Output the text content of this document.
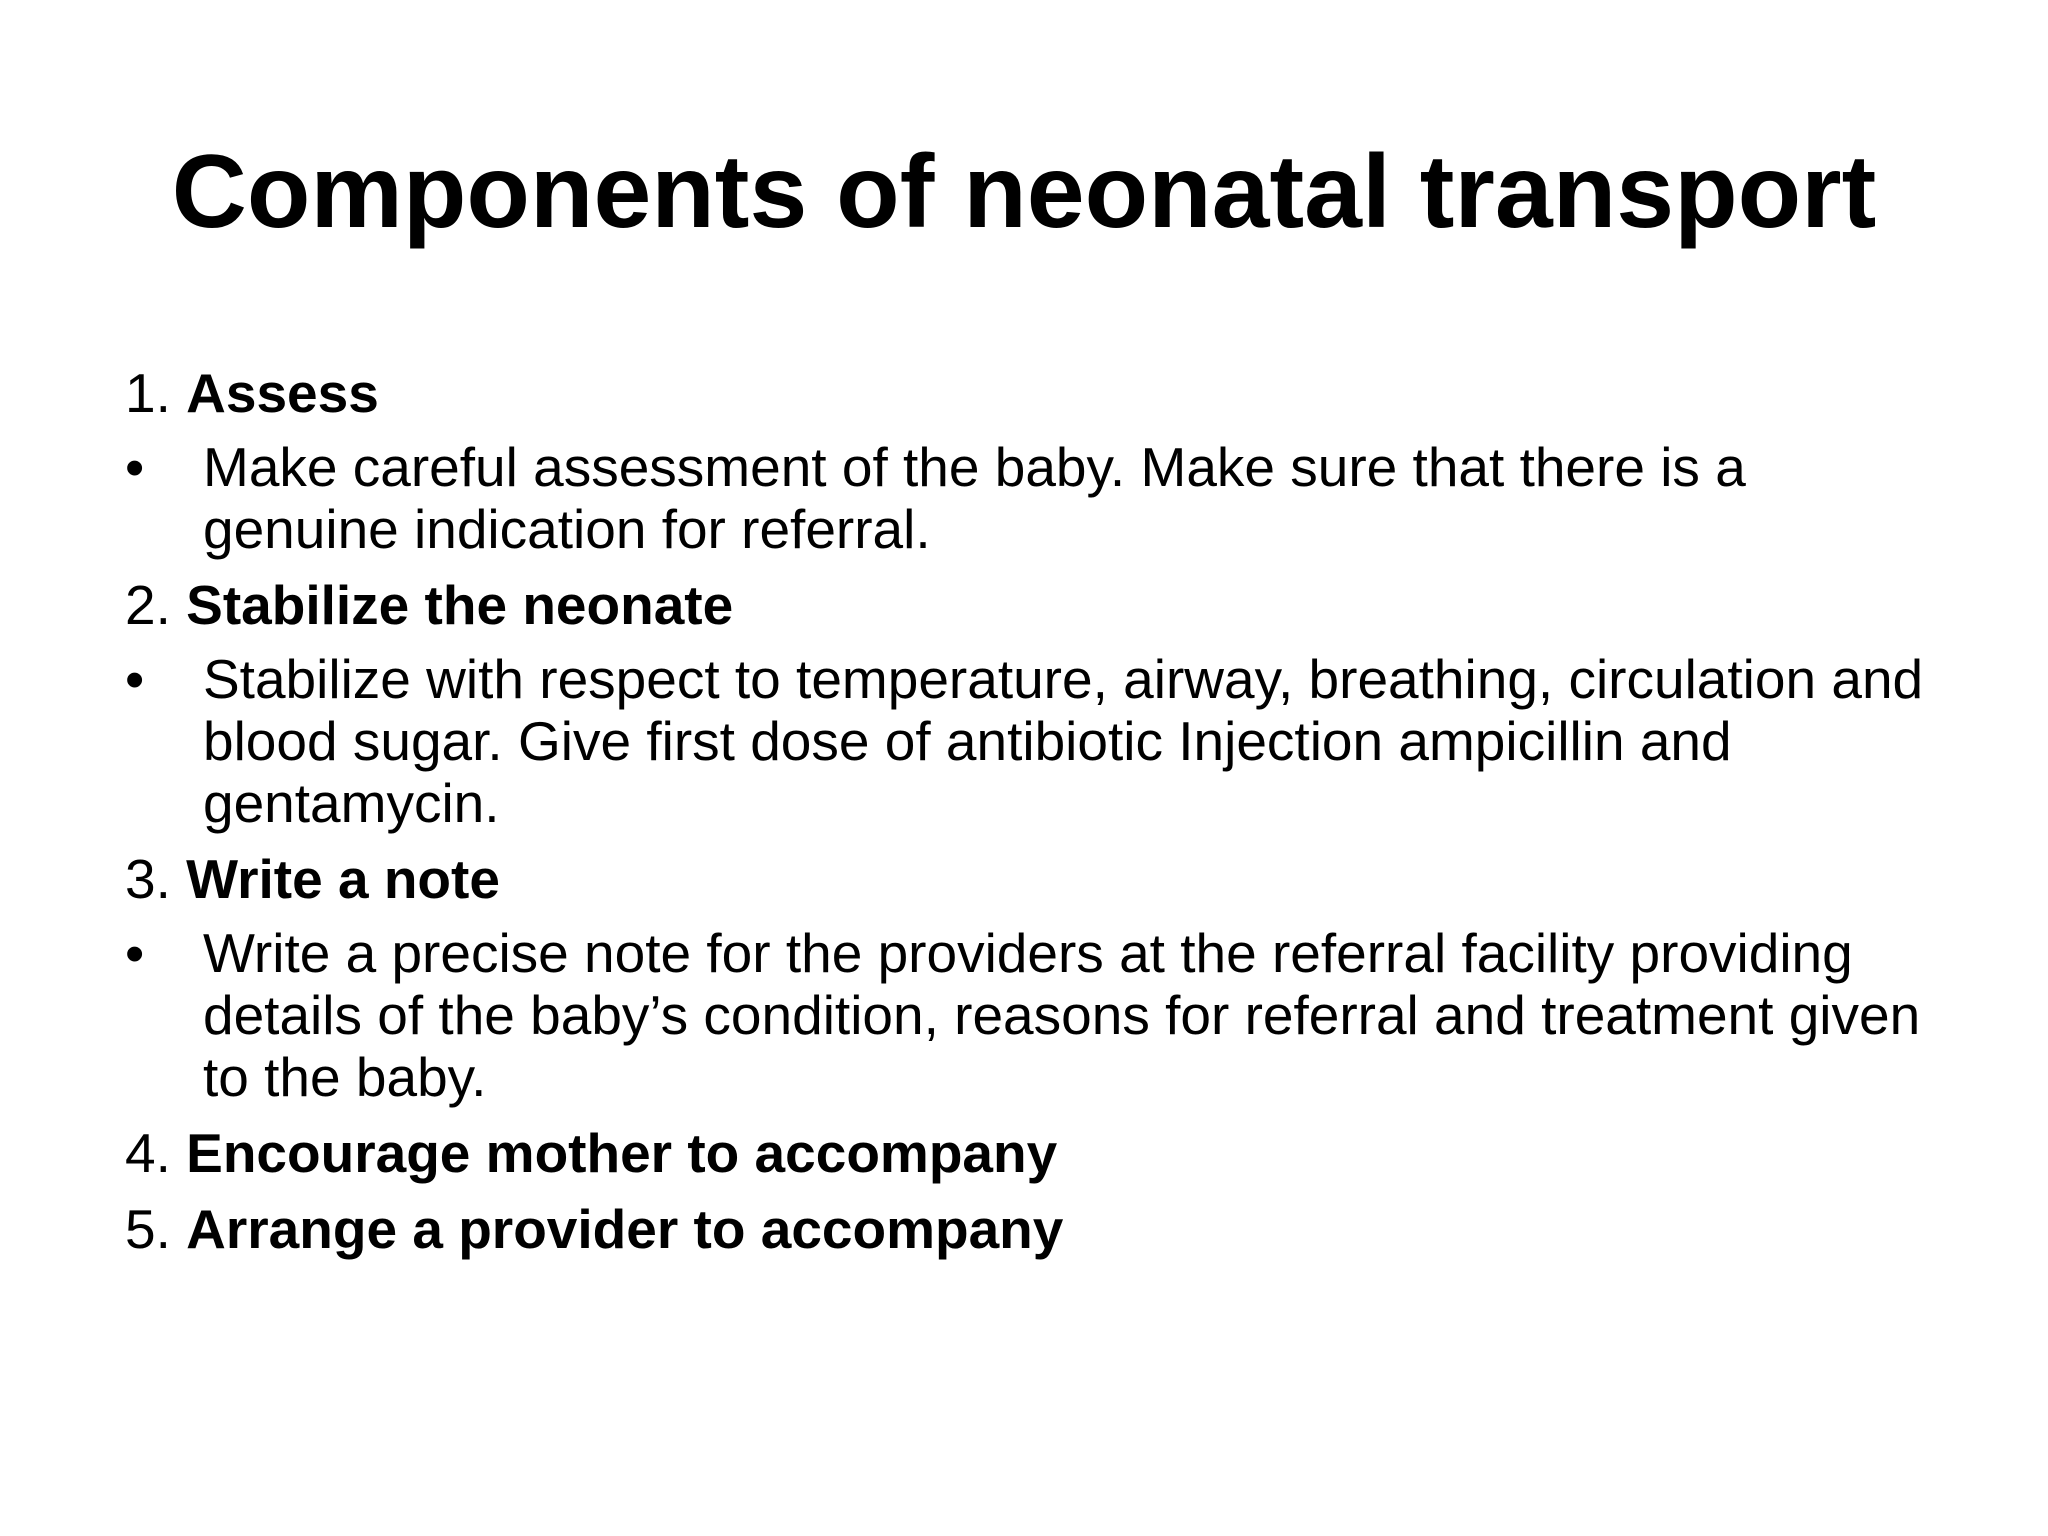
Components of neonatal transport

1. Assess

•	Make careful assessment of the baby. Make sure that there is a genuine indication for referral.

2. Stabilize the neonate

•	Stabilize with respect to temperature, airway, breathing, circulation and blood sugar. Give first dose of antibiotic Injection ampicillin and gentamycin.

3. Write a note

•	Write a precise note for the providers at the referral facility providing details of the baby’s condition, reasons for referral and treatment given to the baby.

4. Encourage mother to accompany

5. Arrange a provider to accompany
